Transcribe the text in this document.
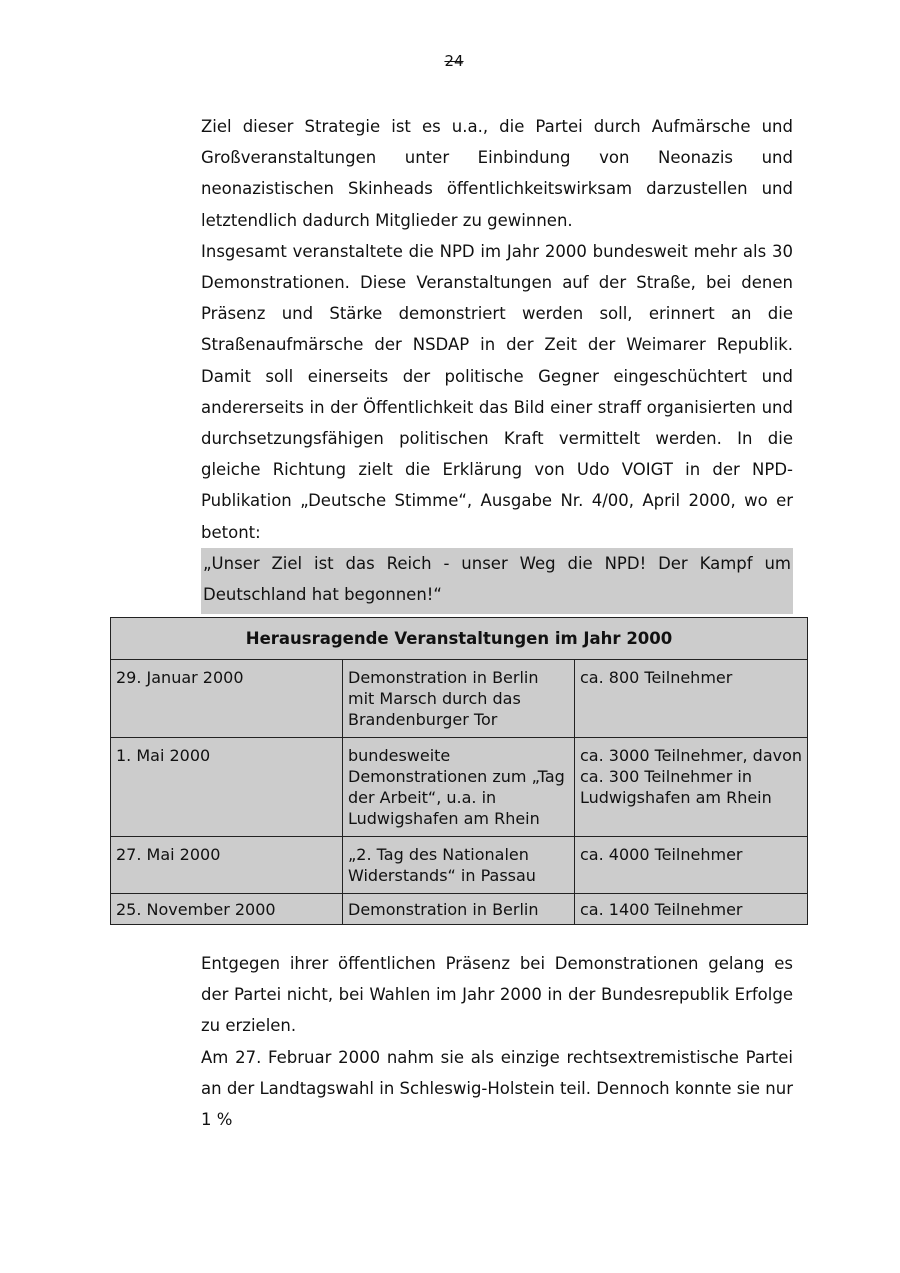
24

Ziel dieser Strategie ist es u.a., die Partei durch Aufmärsche und Großveranstaltungen unter Einbindung von Neonazis und neonazistischen Skinheads öffentlichkeitswirksam darzustellen und letztendlich dadurch Mitglieder zu gewinnen.

Insgesamt veranstaltete die NPD im Jahr 2000 bundesweit mehr als 30 Demonstrationen. Diese Veranstaltungen auf der Straße, bei denen Präsenz und Stärke demonstriert werden soll, erinnert an die Straßenaufmärsche der NSDAP in der Zeit der Weimarer Republik. Damit soll einerseits der politische Gegner eingeschüchtert und andererseits in der Öffentlichkeit das Bild einer straff organisierten und durchsetzungsfähigen politischen Kraft vermittelt werden. In die gleiche Richtung zielt die Erklärung von Udo VOIGT in der NPD-Publikation „Deutsche Stimme“, Ausgabe Nr. 4/00, April 2000, wo er betont:

„Unser Ziel ist das Reich - unser Weg die NPD! Der Kampf um Deutschland hat begonnen!“

Herausragende Veranstaltungen im Jahr 2000		
29. Januar 2000	Demonstration in Berlin mit Marsch durch das Brandenburger Tor	ca. 800 Teilnehmer
1. Mai 2000	bundesweite Demonstrationen zum „Tag der Arbeit“, u.a. in Ludwigshafen am Rhein	ca. 3000 Teilnehmer, davon ca. 300 Teilnehmer in Ludwigshafen am Rhein
27. Mai 2000	„2. Tag des Nationalen Widerstands“ in Passau	ca. 4000 Teilnehmer
25. November 2000	Demonstration in Berlin	ca. 1400 Teilnehmer

Entgegen ihrer öffentlichen Präsenz bei Demonstrationen gelang es der Partei nicht, bei Wahlen im Jahr 2000 in der Bundesrepublik Erfolge zu erzielen.

Am 27. Februar 2000 nahm sie als einzige rechtsextremistische Partei an der Landtagswahl in Schleswig-Holstein teil. Dennoch konnte sie nur 1 %
